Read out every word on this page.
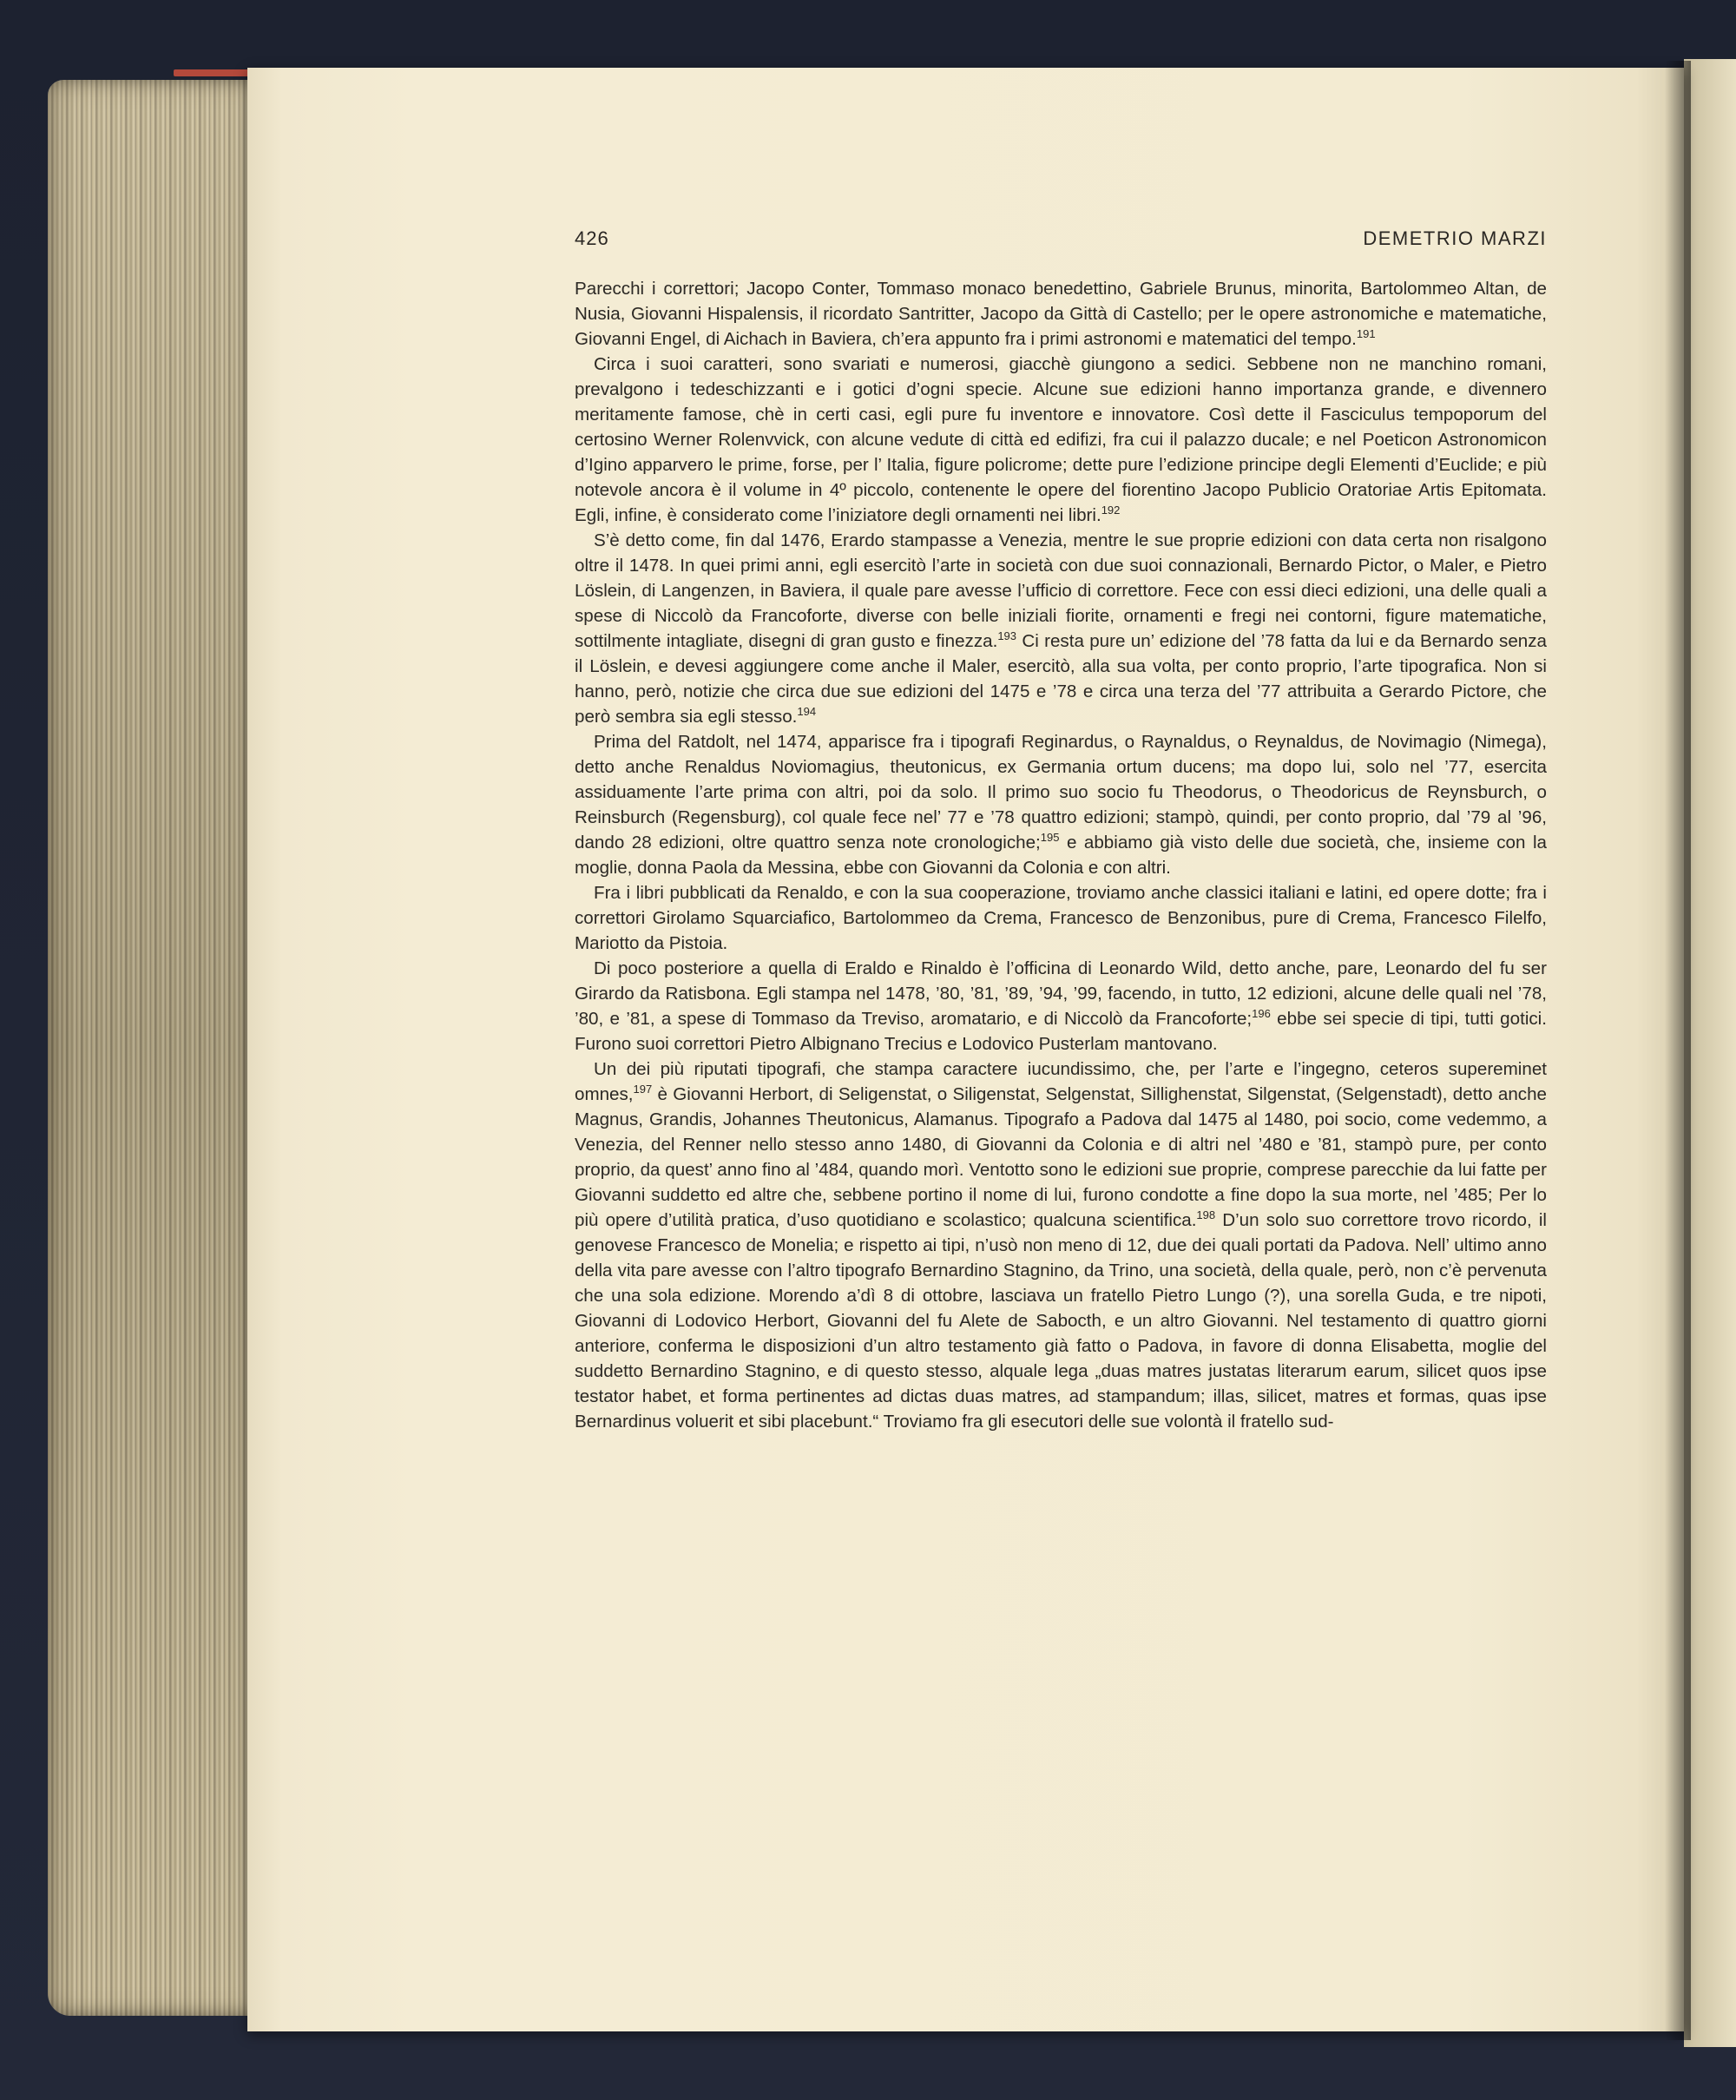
426	DEMETRIO MARZI

Parecchi i correttori; Jacopo Conter, Tommaso monaco benedettino, Gabriele Brunus, minorita, Bartolommeo Altan, de Nusia, Giovanni Hispalensis, il ricordato Santritter, Jacopo da Gittà di Castello; per le opere astronomiche e matematiche, Giovanni Engel, di Aichach in Baviera, ch’era appunto fra i primi astronomi e matematici del tempo.$^{191}$

Circa i suoi caratteri, sono svariati e numerosi, giacchè giungono a sedici. Sebbene non ne manchino romani, prevalgono i tedeschizzanti e i gotici d’ogni specie. Alcune sue edizioni hanno importanza grande, e divennero meritamente famose, chè in certi casi, egli pure fu inventore e innovatore. Così dette il Fasciculus tempoporum del certosino Werner Rolenvvick, con alcune vedute di città ed edifizi, fra cui il palazzo ducale; e nel Poeticon Astronomicon d’Igino apparvero le prime, forse, per l’ Italia, figure policrome; dette pure l’edizione principe degli Elementi d’Euclide; e più notevole ancora è il volume in 4º piccolo, contenente le opere del fiorentino Jacopo Publicio Oratoriae Artis Epitomata. Egli, infine, è considerato come l’iniziatore degli ornamenti nei libri.$^{192}$

S’è detto come, fin dal 1476, Erardo stampasse a Venezia, mentre le sue proprie edizioni con data certa non risalgono oltre il 1478. In quei primi anni, egli esercitò l’arte in società con due suoi connazionali, Bernardo Pictor, o Maler, e Pietro Löslein, di Langenzen, in Baviera, il quale pare avesse l’ufficio di correttore. Fece con essi dieci edizioni, una delle quali a spese di Niccolò da Francoforte, diverse con belle iniziali fiorite, ornamenti e fregi nei contorni, figure matematiche, sottilmente intagliate, disegni di gran gusto e finezza.$^{193}$ Ci resta pure un’ edizione del ’78 fatta da lui e da Bernardo senza il Löslein, e devesi aggiungere come anche il Maler, esercitò, alla sua volta, per conto proprio, l’arte tipografica. Non si hanno, però, notizie che circa due sue edizioni del 1475 e ’78 e circa una terza del ’77 attribuita a Gerardo Pictore, che però sembra sia egli stesso.$^{194}$

Prima del Ratdolt, nel 1474, apparisce fra i tipografi Reginardus, o Raynaldus, o Reynaldus, de Novimagio (Nimega), detto anche Renaldus Noviomagius, theutonicus, ex Germania ortum ducens; ma dopo lui, solo nel ’77, esercita assiduamente l’arte prima con altri, poi da solo. Il primo suo socio fu Theodorus, o Theodoricus de Reynsburch, o Reinsburch (Regensburg), col quale fece nel’ 77 e ’78 quattro edizioni; stampò, quindi, per conto proprio, dal ’79 al ’96, dando 28 edizioni, oltre quattro senza note cronologiche;$^{195}$ e abbiamo già visto delle due società, che, insieme con la moglie, donna Paola da Messina, ebbe con Giovanni da Colonia e con altri.

Fra i libri pubblicati da Renaldo, e con la sua cooperazione, troviamo anche classici italiani e latini, ed opere dotte; fra i correttori Girolamo Squarciafico, Bartolommeo da Crema, Francesco de Benzonibus, pure di Crema, Francesco Filelfo, Mariotto da Pistoia.

Di poco posteriore a quella di Eraldo e Rinaldo è l’officina di Leonardo Wild, detto anche, pare, Leonardo del fu ser Girardo da Ratisbona. Egli stampa nel 1478, ’80, ’81, ’89, ’94, ’99, facendo, in tutto, 12 edizioni, alcune delle quali nel ’78, ’80, e ’81, a spese di Tommaso da Treviso, aromatario, e di Niccolò da Francoforte;$^{196}$ ebbe sei specie di tipi, tutti gotici. Furono suoi correttori Pietro Albignano Trecius e Lodovico Pusterlam mantovano.

Un dei più riputati tipografi, che stampa caractere iucundissimo, che, per l’arte e l’ingegno, ceteros supereminet omnes,$^{197}$ è Giovanni Herbort, di Seligenstat, o Siligenstat, Selgenstat, Sillighenstat, Silgenstat, (Selgenstadt), detto anche Magnus, Grandis, Johannes Theutonicus, Alamanus. Tipografo a Padova dal 1475 al 1480, poi socio, come vedemmo, a Venezia, del Renner nello stesso anno 1480, di Giovanni da Colonia e di altri nel ’480 e ’81, stampò pure, per conto proprio, da quest’ anno fino al ’484, quando morì. Ventotto sono le edizioni sue proprie, comprese parecchie da lui fatte per Giovanni suddetto ed altre che, sebbene portino il nome di lui, furono condotte a fine dopo la sua morte, nel ’485; Per lo più opere d’utilità pratica, d’uso quotidiano e scolastico; qualcuna scientifica.$^{198}$ D’un solo suo correttore trovo ricordo, il genovese Francesco de Monelia; e rispetto ai tipi, n’usò non meno di 12, due dei quali portati da Padova. Nell’ ultimo anno della vita pare avesse con l’altro tipografo Bernardino Stagnino, da Trino, una società, della quale, però, non c’è pervenuta che una sola edizione. Morendo a’dì 8 di ottobre, lasciava un fratello Pietro Lungo (?), una sorella Guda, e tre nipoti, Giovanni di Lodovico Herbort, Giovanni del fu Alete de Sabocth, e un altro Giovanni. Nel testamento di quattro giorni anteriore, conferma le disposizioni d’un altro testamento già fatto o Padova, in favore di donna Elisabetta, moglie del suddetto Bernardino Stagnino, e di questo stesso, alquale lega „duas matres justatas literarum earum, silicet quos ipse testator habet, et forma pertinentes ad dictas duas matres, ad stampandum; illas, silicet, matres et formas, quas ipse Bernardinus voluerit et sibi placebunt.“ Troviamo fra gli esecutori delle sue volontà il fratello sud-
